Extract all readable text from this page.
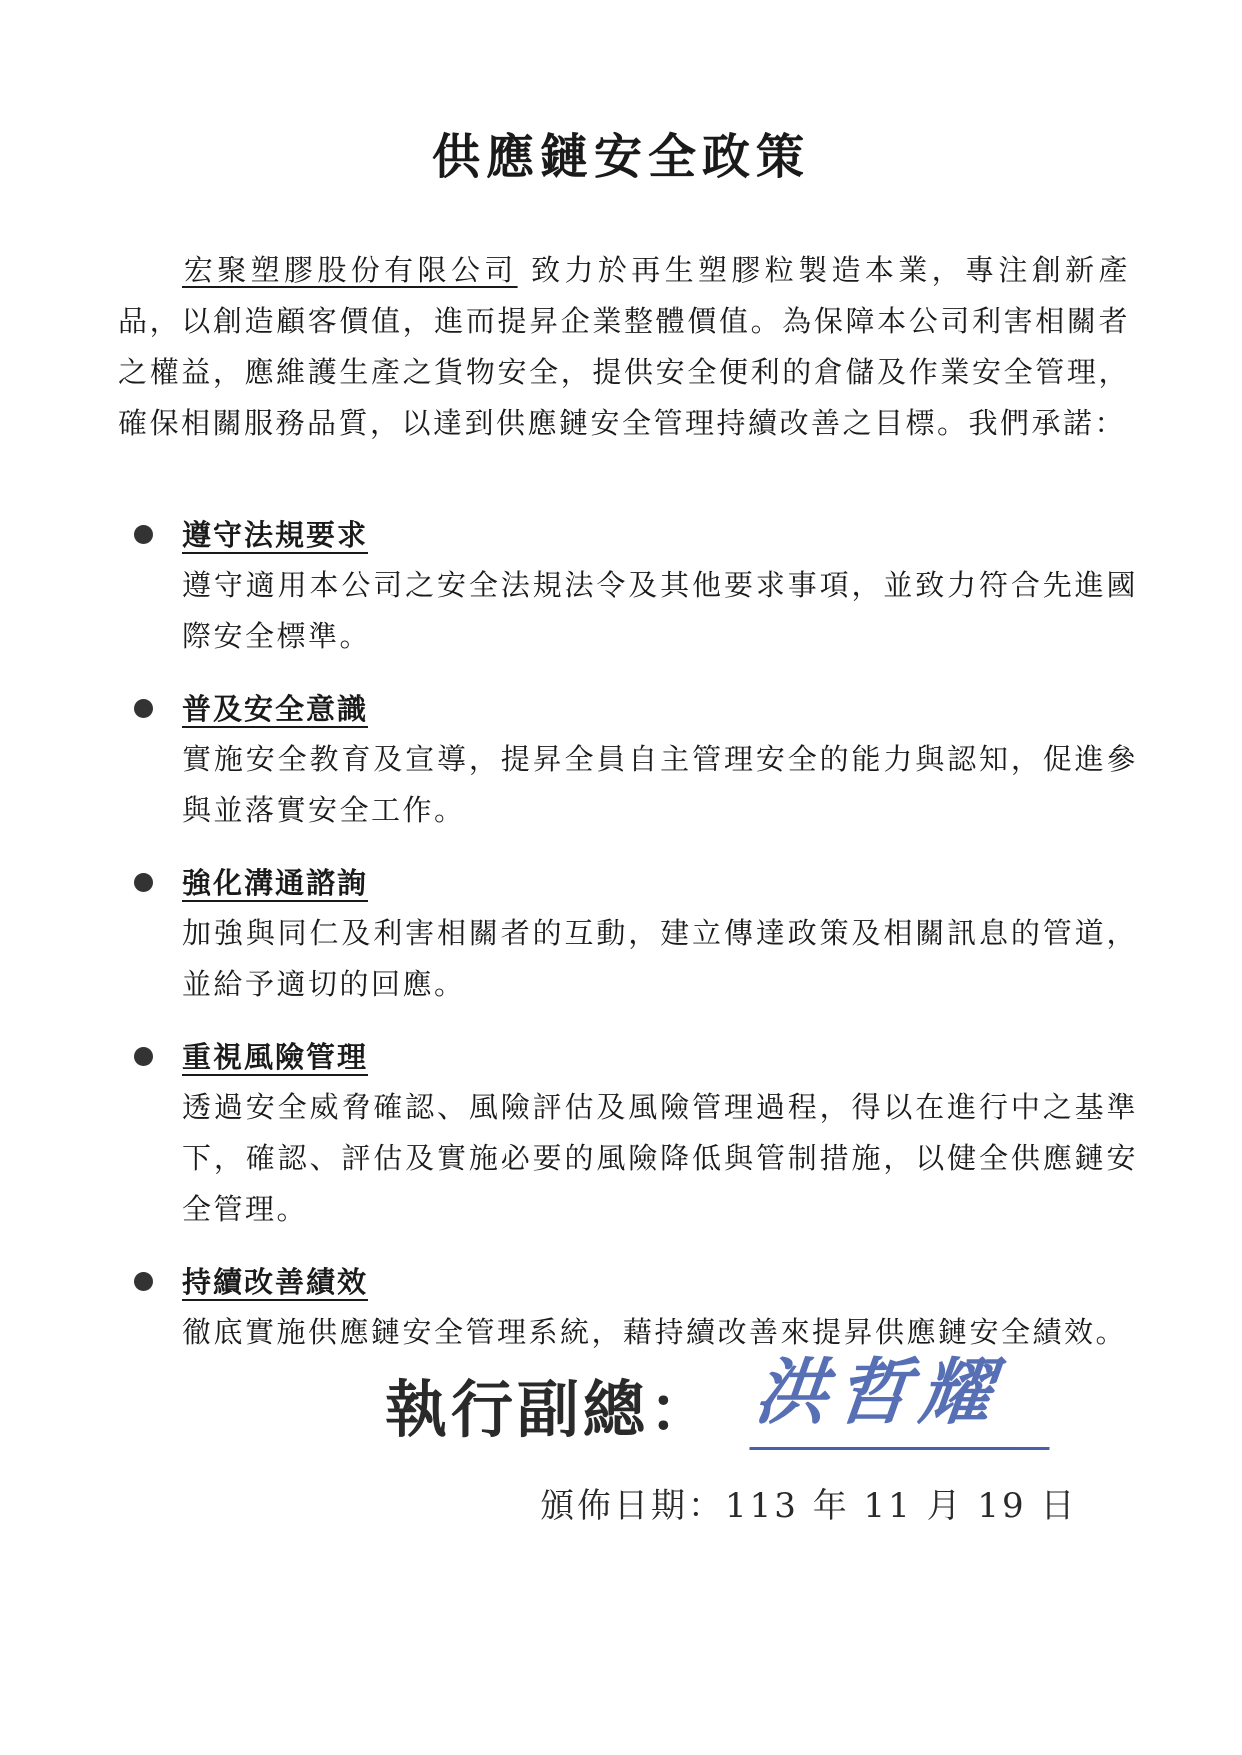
供應鏈安全政策

宏聚塑膠股份有限公司 致力於再生塑膠粒製造本業，專注創新產品，以創造顧客價值，進而提昇企業整體價值。為保障本公司利害相關者之權益，應維護生產之貨物安全，提供安全便利的倉儲及作業安全管理，確保相關服務品質，以達到供應鏈安全管理持續改善之目標。我們承諾：

遵守法規要求

遵守適用本公司之安全法規法令及其他要求事項，並致力符合先進國際安全標準。

普及安全意識

實施安全教育及宣導，提昇全員自主管理安全的能力與認知，促進參與並落實安全工作。

強化溝通諮詢

加強與同仁及利害相關者的互動，建立傳達政策及相關訊息的管道，並給予適切的回應。

重視風險管理

透過安全威脅確認、風險評估及風險管理過程，得以在進行中之基準下，確認、評估及實施必要的風險降低與管制措施，以健全供應鏈安全管理。

持續改善績效

徹底實施供應鏈安全管理系統，藉持續改善來提昇供應鏈安全績效。

執行副總： 洪哲耀
頒佈日期：113 年 11 月 19 日
